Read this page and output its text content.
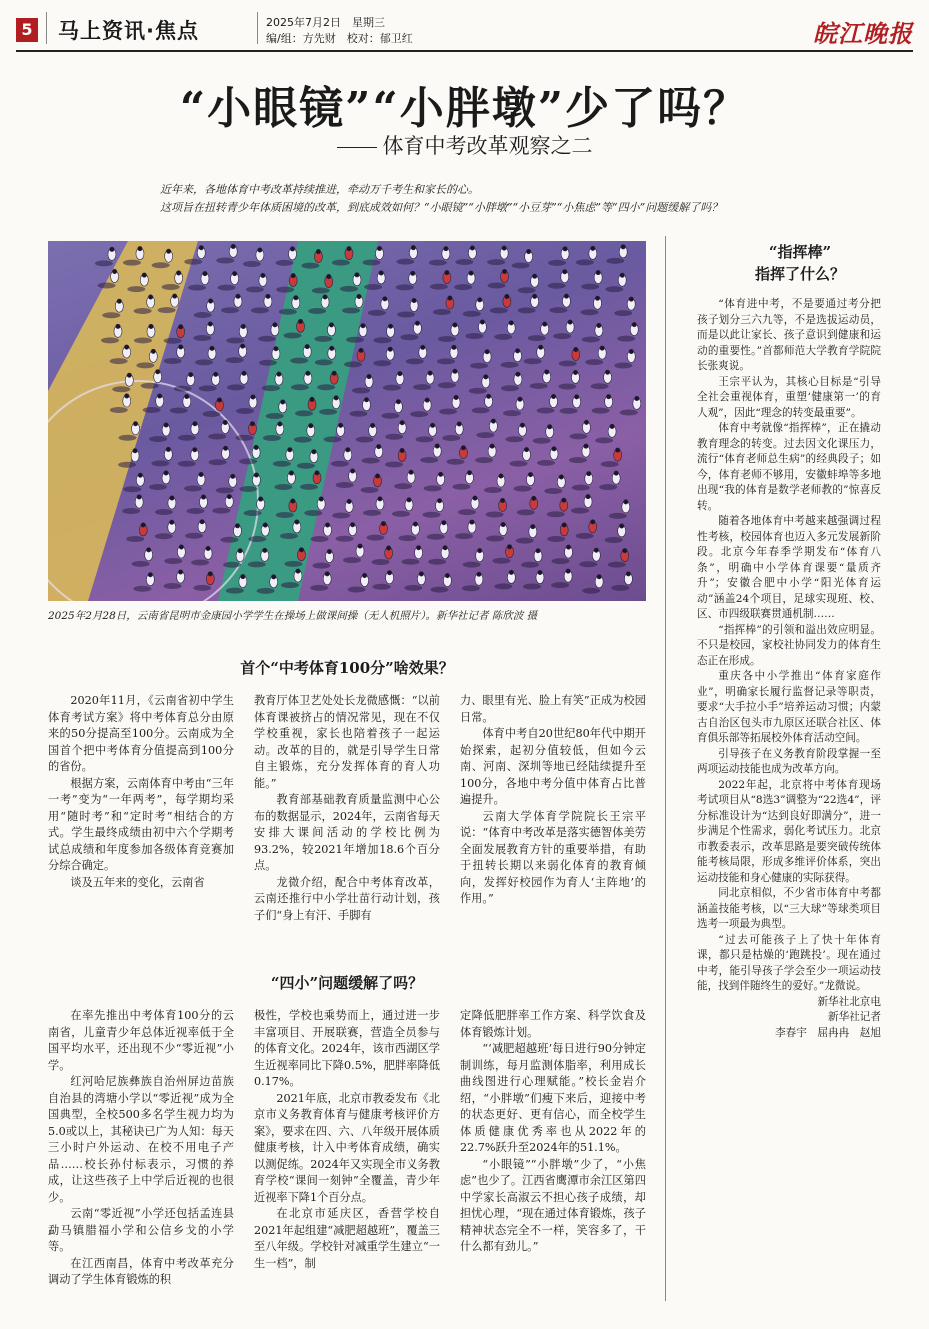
5 马上资讯·焦点	2025年7月2日　星期三
编/组：方先财　校对：郁卫红	皖江晚报
“小眼镜”“小胖墩”少了吗？
体育中考改革观察之二

近年来，各地体育中考改革持续推进，牵动万千考生和家长的心。

这项旨在扭转青少年体质困境的改革，到底成效如何？“小眼镜”“小胖墩”“小豆芽”“小焦虑”等“四小”问题缓解了吗？

2025年2月28日，云南省昆明市金康园小学学生在操场上做课间操（无人机照片）。新华社记者 陈欣波 摄
首个“中考体育100分”啥效果？

2020年11月，《云南省初中学生体育考试方案》将中考体育总分由原来的50分提高至100分。云南成为全国首个把中考体育分值提高到100分的省份。

根据方案，云南体育中考由“三年一考”变为“一年两考”，每学期均采用“随时考”和“定时考”相结合的方式。学生最终成绩由初中六个学期考试总成绩和年度参加各级体育竞赛加分综合确定。

谈及五年来的变化，云南省

教育厅体卫艺处处长龙微感慨：“以前体育课被挤占的情况常见，现在不仅学校重视，家长也陪着孩子一起运动。改革的目的，就是引导学生日常自主锻炼，充分发挥体育的育人功能。”

教育部基础教育质量监测中心公布的数据显示，2024年，云南省每天安排大课间活动的学校比例为93.2%，较2021年增加18.6个百分点。

龙微介绍，配合中考体育改革，云南还推行中小学壮苗行动计划，孩子们“身上有汗、手脚有

力、眼里有光、脸上有笑”正成为校园日常。

体育中考自20世纪80年代中期开始探索，起初分值较低，但如今云南、河南、深圳等地已经陆续提升至100分，各地中考分值中体育占比普遍提升。

云南大学体育学院院长王宗平说：“体育中考改革是落实德智体美劳全面发展教育方针的重要举措，有助于扭转长期以来弱化体育的教育倾向，发挥好校园作为育人‘主阵地’的作用。”

“四小”问题缓解了吗？

在率先推出中考体育100分的云南省，儿童青少年总体近视率低于全国平均水平，还出现不少“零近视”小学。

红河哈尼族彝族自治州屏边苗族自治县的湾塘小学以“零近视”成为全国典型，全校500多名学生视力均为5.0或以上，其秘诀已广为人知：每天三小时户外运动、在校不用电子产品……校长孙付标表示，习惯的养成，让这些孩子上中学后近视的也很少。

云南“零近视”小学还包括孟连县勐马镇腊福小学和公信乡戈的小学等。

在江西南昌，体育中考改革充分调动了学生体育锻炼的积

极性，学校也乘势而上，通过进一步丰富项目、开展联赛，营造全员参与的体育文化。2024年，该市西湖区学生近视率同比下降0.5%，肥胖率降低0.17%。

2021年底，北京市教委发布《北京市义务教育体育与健康考核评价方案》，要求在四、六、八年级开展体质健康考核，计入中考体育成绩，确实以测促练。2024年又实现全市义务教育学校“课间一刻钟”全覆盖，青少年近视率下降1个百分点。

在北京市延庆区，香营学校自2021年起组建“减肥超越班”，覆盖三至八年级。学校针对减重学生建立“一生一档”，制

定降低肥胖率工作方案、科学饮食及体育锻炼计划。

“‘减肥超越班’每日进行90分钟定制训练，每月监测体脂率，利用成长曲线图进行心理赋能。”校长金岩介绍，“小胖墩”们瘦下来后，迎接中考的状态更好、更有信心，而全校学生体质健康优秀率也从2022年的22.7%跃升至2024年的51.1%。

“小眼镜”“小胖墩”少了，“小焦虑”也少了。江西省鹰潭市余江区第四中学家长高淑云不担心孩子成绩，却担忧心理，“现在通过体育锻炼，孩子精神状态完全不一样，笑容多了，干什么都有劲儿。”

“指挥棒”
指挥了什么？

“体育进中考，不是要通过考分把孩子划分三六九等，不是选拔运动员，而是以此让家长、孩子意识到健康和运动的重要性。”首都师范大学教育学院院长张爽说。

王宗平认为，其核心目标是“引导全社会重视体育，重塑‘健康第一’的育人观”，因此“理念的转变最重要”。

体育中考就像“指挥棒”，正在撬动教育理念的转变。过去因文化课压力，流行“体育老师总生病”的经典段子；如今，体育老师不够用，安徽蚌埠等多地出现“我的体育是数学老师教的”惊喜反转。

随着各地体育中考越来越强调过程性考核，校园体育也迈入多元发展新阶段。北京今年春季学期发布“体育八条”，明确中小学体育课要“量质齐升”；安徽合肥中小学“阳光体育运动”涵盖24个项目，足球实现班、校、区、市四级联赛贯通机制……

“指挥棒”的引领和溢出效应明显。不只是校园，家校社协同发力的体育生态正在形成。

重庆各中小学推出“体育家庭作业”，明确家长履行监督记录等职责，要求“大手拉小手”培养运动习惯；内蒙古自治区包头市九原区还联合社区、体育俱乐部等拓展校外体育活动空间。

引导孩子在义务教育阶段掌握一至两项运动技能也成为改革方向。

2022年起，北京将中考体育现场考试项目从“8选3”调整为“22选4”，评分标准设计为“达到良好即满分”，进一步满足个性需求，弱化考试压力。北京市教委表示，改革思路是要突破传统体能考核局限，形成多维评价体系，突出运动技能和身心健康的实际获得。

同北京相似，不少省市体育中考都涵盖技能考核，以“三大球”等球类项目选考一项最为典型。

“过去可能孩子上了快十年体育课，都只是枯燥的‘跑跳投’。现在通过中考，能引导孩子学会至少一项运动技能，找到伴随终生的爱好。”龙微说。

新华社北京电

新华社记者

李春宇　屈冉冉　赵旭
